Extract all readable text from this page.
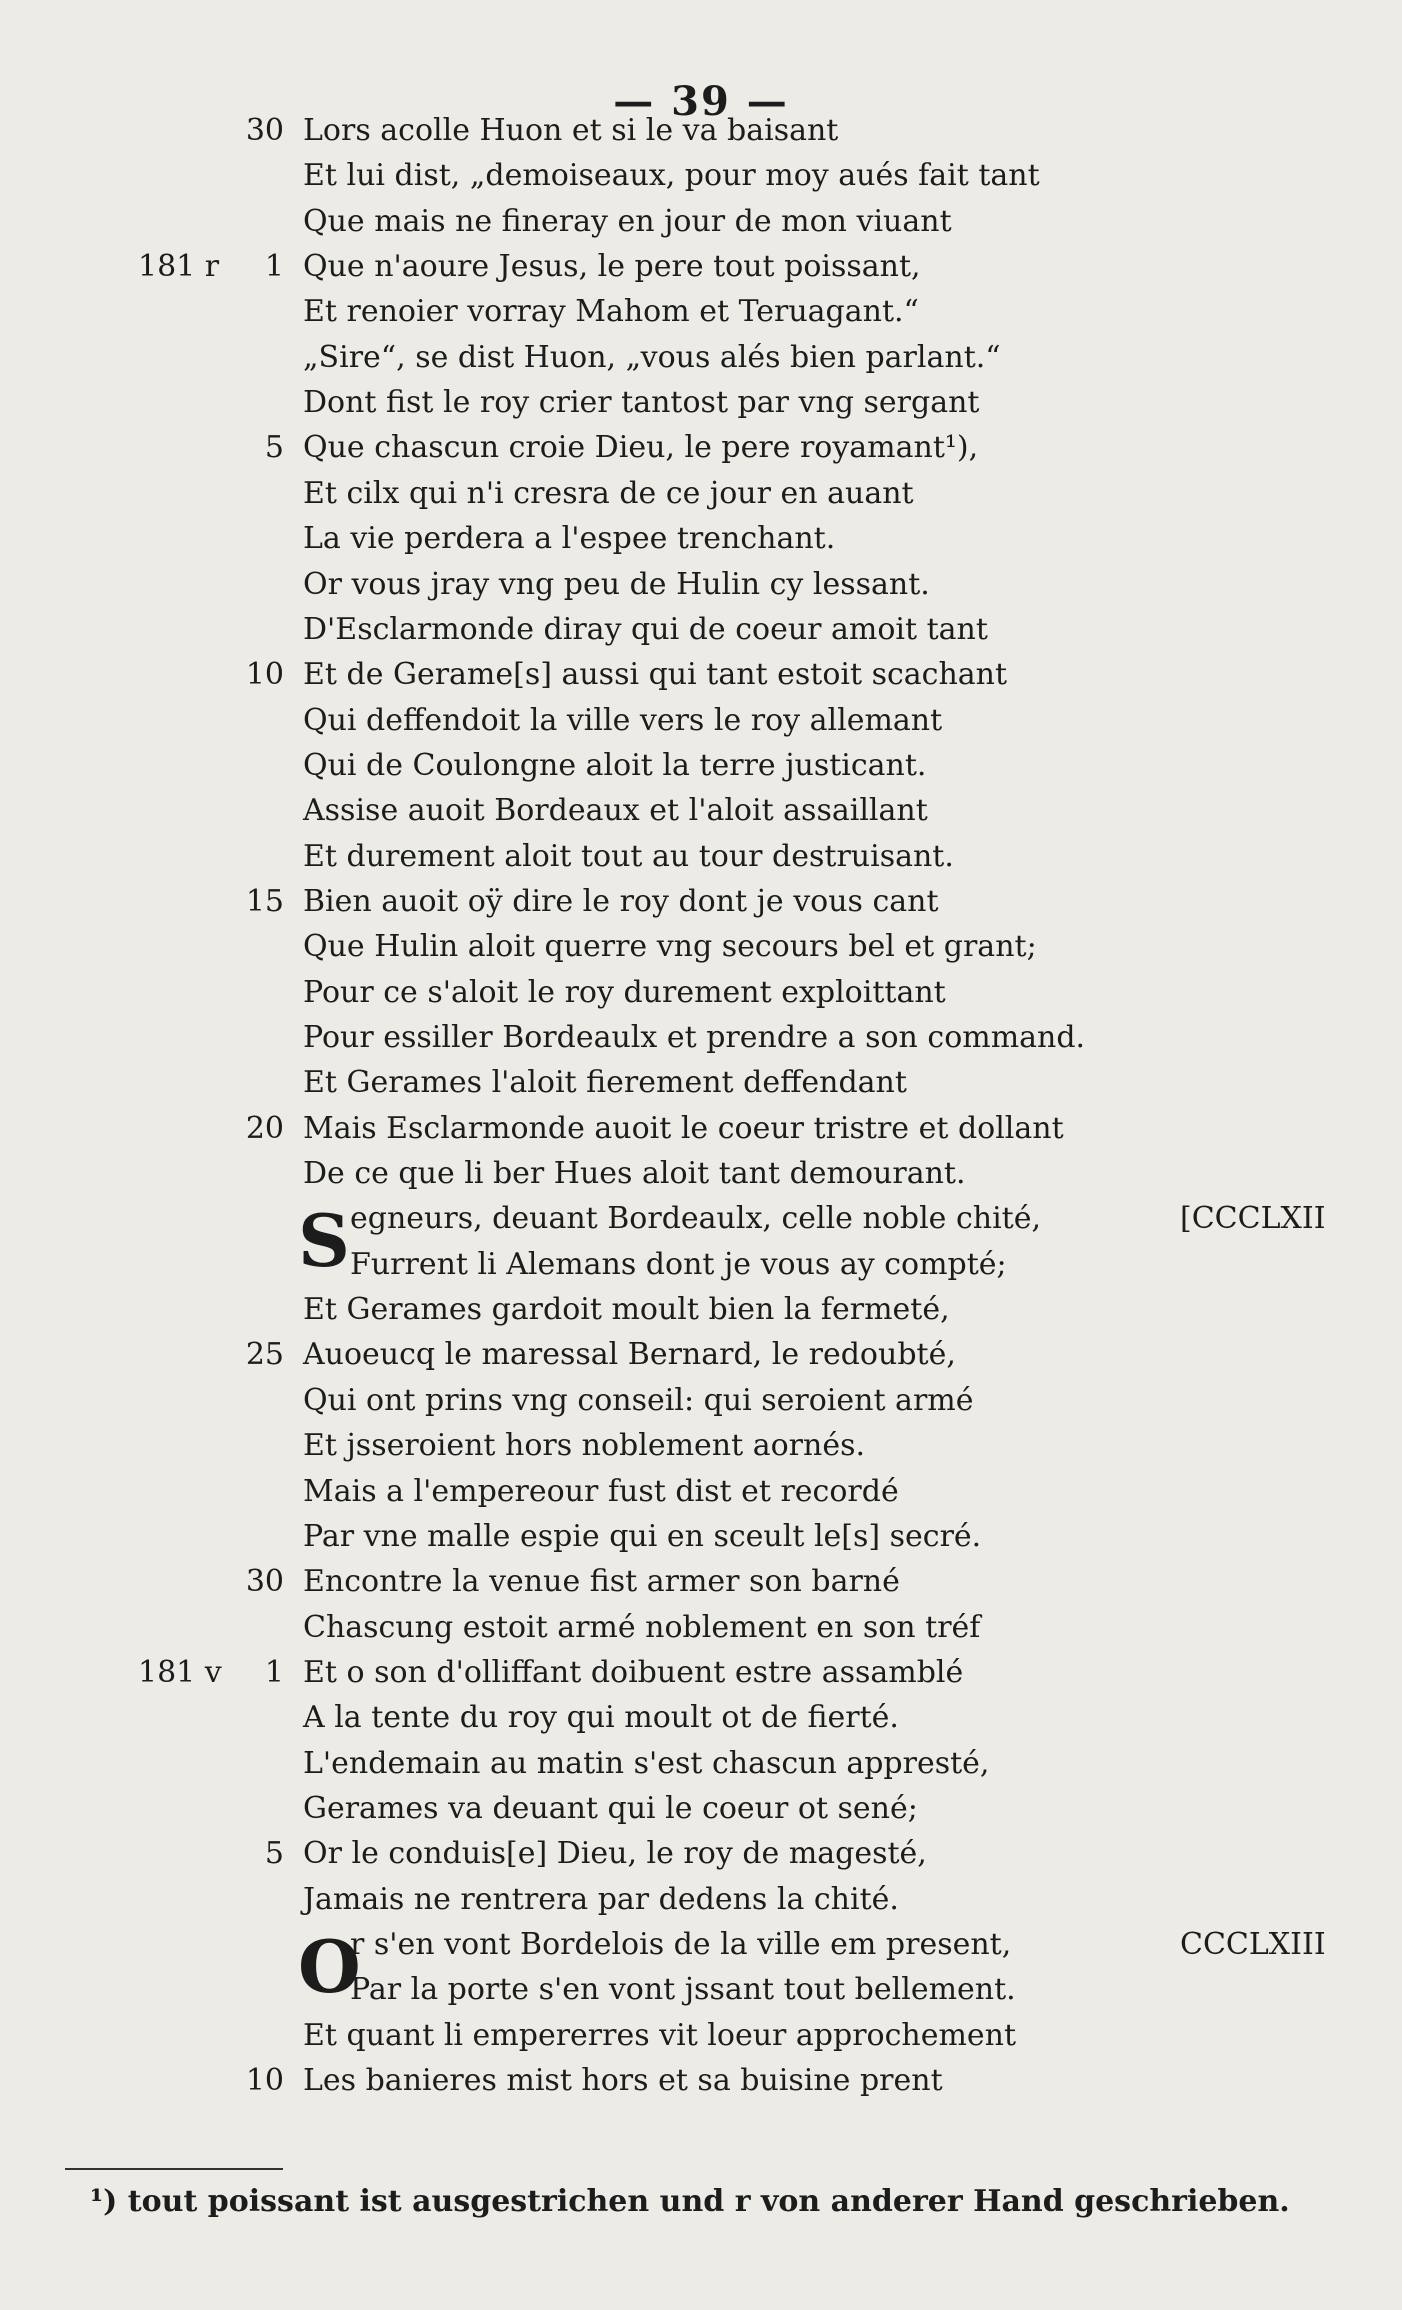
— 39 —
30 Lors acolle Huon et si le va baisant
Et lui dist, „demoiseaux, pour moy aués fait tant
Que mais ne fineray en jour de mon viuant
181 r	1 Que n'aoure Jesus, le pere tout poissant,
Et renoier vorray Mahom et Teruagant.“
„Sire“, se dist Huon, „vous alés bien parlant.“
Dont fist le roy crier tantost par vng sergant
5 Que chascun croie Dieu, le pere royamant¹),
Et cilx qui n'i cresra de ce jour en auant
La vie perdera a l'espee trenchant.
Or vous jray vng peu de Hulin cy lessant.
D'Esclarmonde diray qui de coeur amoit tant
10 Et de Gerame[s] aussi qui tant estoit scachant
Qui deffendoit la ville vers le roy allemant
Qui de Coulongne aloit la terre justicant.
Assise auoit Bordeaux et l'aloit assaillant
Et durement aloit tout au tour destruisant.
15 Bien auoit oÿ dire le roy dont je vous cant
Que Hulin aloit querre vng secours bel et grant;
Pour ce s'aloit le roy durement exploittant
Pour essiller Bordeaulx et prendre a son command.
Et Gerames l'aloit fierement deffendant
20 Mais Esclarmonde auoit le coeur tristre et dollant
De ce que li ber Hues aloit tant demourant.
S egneurs, deuant Bordeaulx, celle noble chité,	[CCCLXII
Furrent li Alemans dont je vous ay compté;
Et Gerames gardoit moult bien la fermeté,
25 Auoeucq le maressal Bernard, le redoubté,
Qui ont prins vng conseil: qui seroient armé
Et jsseroient hors noblement aornés.
Mais a l'empereour fust dist et recordé
Par vne malle espie qui en sceult le[s] secré.
30 Encontre la venue fist armer son barné
Chascung estoit armé noblement en son tréf
181 v	1 Et o son d'olliffant doibuent estre assamblé
A la tente du roy qui moult ot de fierté.
L'endemain au matin s'est chascun appresté,
Gerames va deuant qui le coeur ot sené;
5 Or le conduis[e] Dieu, le roy de magesté,
Jamais ne rentrera par dedens la chité.
O
r s'en vont Bordelois de la ville em present,	CCCLXIII
Par la porte s'en vont jssant tout bellement.
Et quant li empererres vit loeur approchement
10 Les banieres mist hors et sa buisine prent
¹) tout poissant ist ausgestrichen und r von anderer Hand geschrieben.
